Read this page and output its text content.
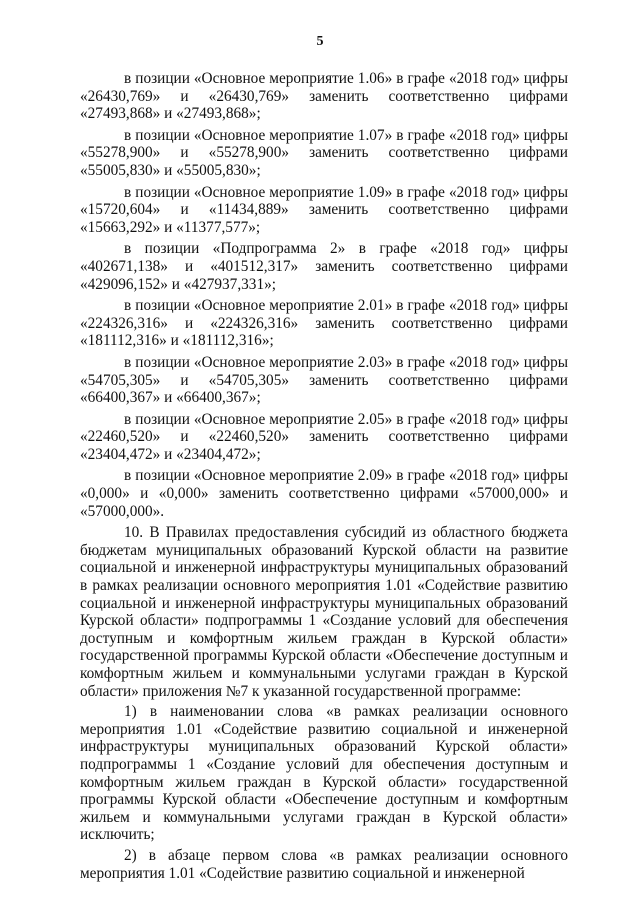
5

в позиции «Основное мероприятие 1.06» в графе «2018 год» цифры «26430,769» и «26430,769» заменить соответственно цифрами «27493,868» и «27493,868»;

в позиции «Основное мероприятие 1.07» в графе «2018 год» цифры «55278,900» и «55278,900» заменить соответственно цифрами «55005,830» и «55005,830»;

в позиции «Основное мероприятие 1.09» в графе «2018 год» цифры «15720,604» и «11434,889» заменить соответственно цифрами «15663,292» и «11377,577»;

в позиции «Подпрограмма 2» в графе «2018 год» цифры «402671,138» и «401512,317» заменить соответственно цифрами «429096,152» и «427937,331»;

в позиции «Основное мероприятие 2.01» в графе «2018 год» цифры «224326,316» и «224326,316» заменить соответственно цифрами «181112,316» и «181112,316»;

в позиции «Основное мероприятие 2.03» в графе «2018 год» цифры «54705,305» и «54705,305» заменить соответственно цифрами «66400,367» и «66400,367»;

в позиции «Основное мероприятие 2.05» в графе «2018 год» цифры «22460,520» и «22460,520» заменить соответственно цифрами «23404,472» и «23404,472»;

в позиции «Основное мероприятие 2.09» в графе «2018 год» цифры «0,000» и «0,000» заменить соответственно цифрами «57000,000» и «57000,000».

10. В Правилах предоставления субсидий из областного бюджета бюджетам муниципальных образований Курской области на развитие социальной и инженерной инфраструктуры муниципальных образований в рамках реализации основного мероприятия 1.01 «Содействие развитию социальной и инженерной инфраструктуры муниципальных образований Курской области» подпрограммы 1 «Создание условий для обеспечения доступным и комфортным жильем граждан в Курской области» государственной программы Курской области «Обеспечение доступным и комфортным жильем и коммунальными услугами граждан в Курской области» приложения №7 к указанной государственной программе:

1) в наименовании слова «в рамках реализации основного мероприятия 1.01 «Содействие развитию социальной и инженерной инфраструктуры муниципальных образований Курской области» подпрограммы 1 «Создание условий для обеспечения доступным и комфортным жильем граждан в Курской области» государственной программы Курской области «Обеспечение доступным и комфортным жильем и коммунальными услугами граждан в Курской области» исключить;

2) в абзаце первом слова «в рамках реализации основного мероприятия 1.01 «Содействие развитию социальной и инженерной
